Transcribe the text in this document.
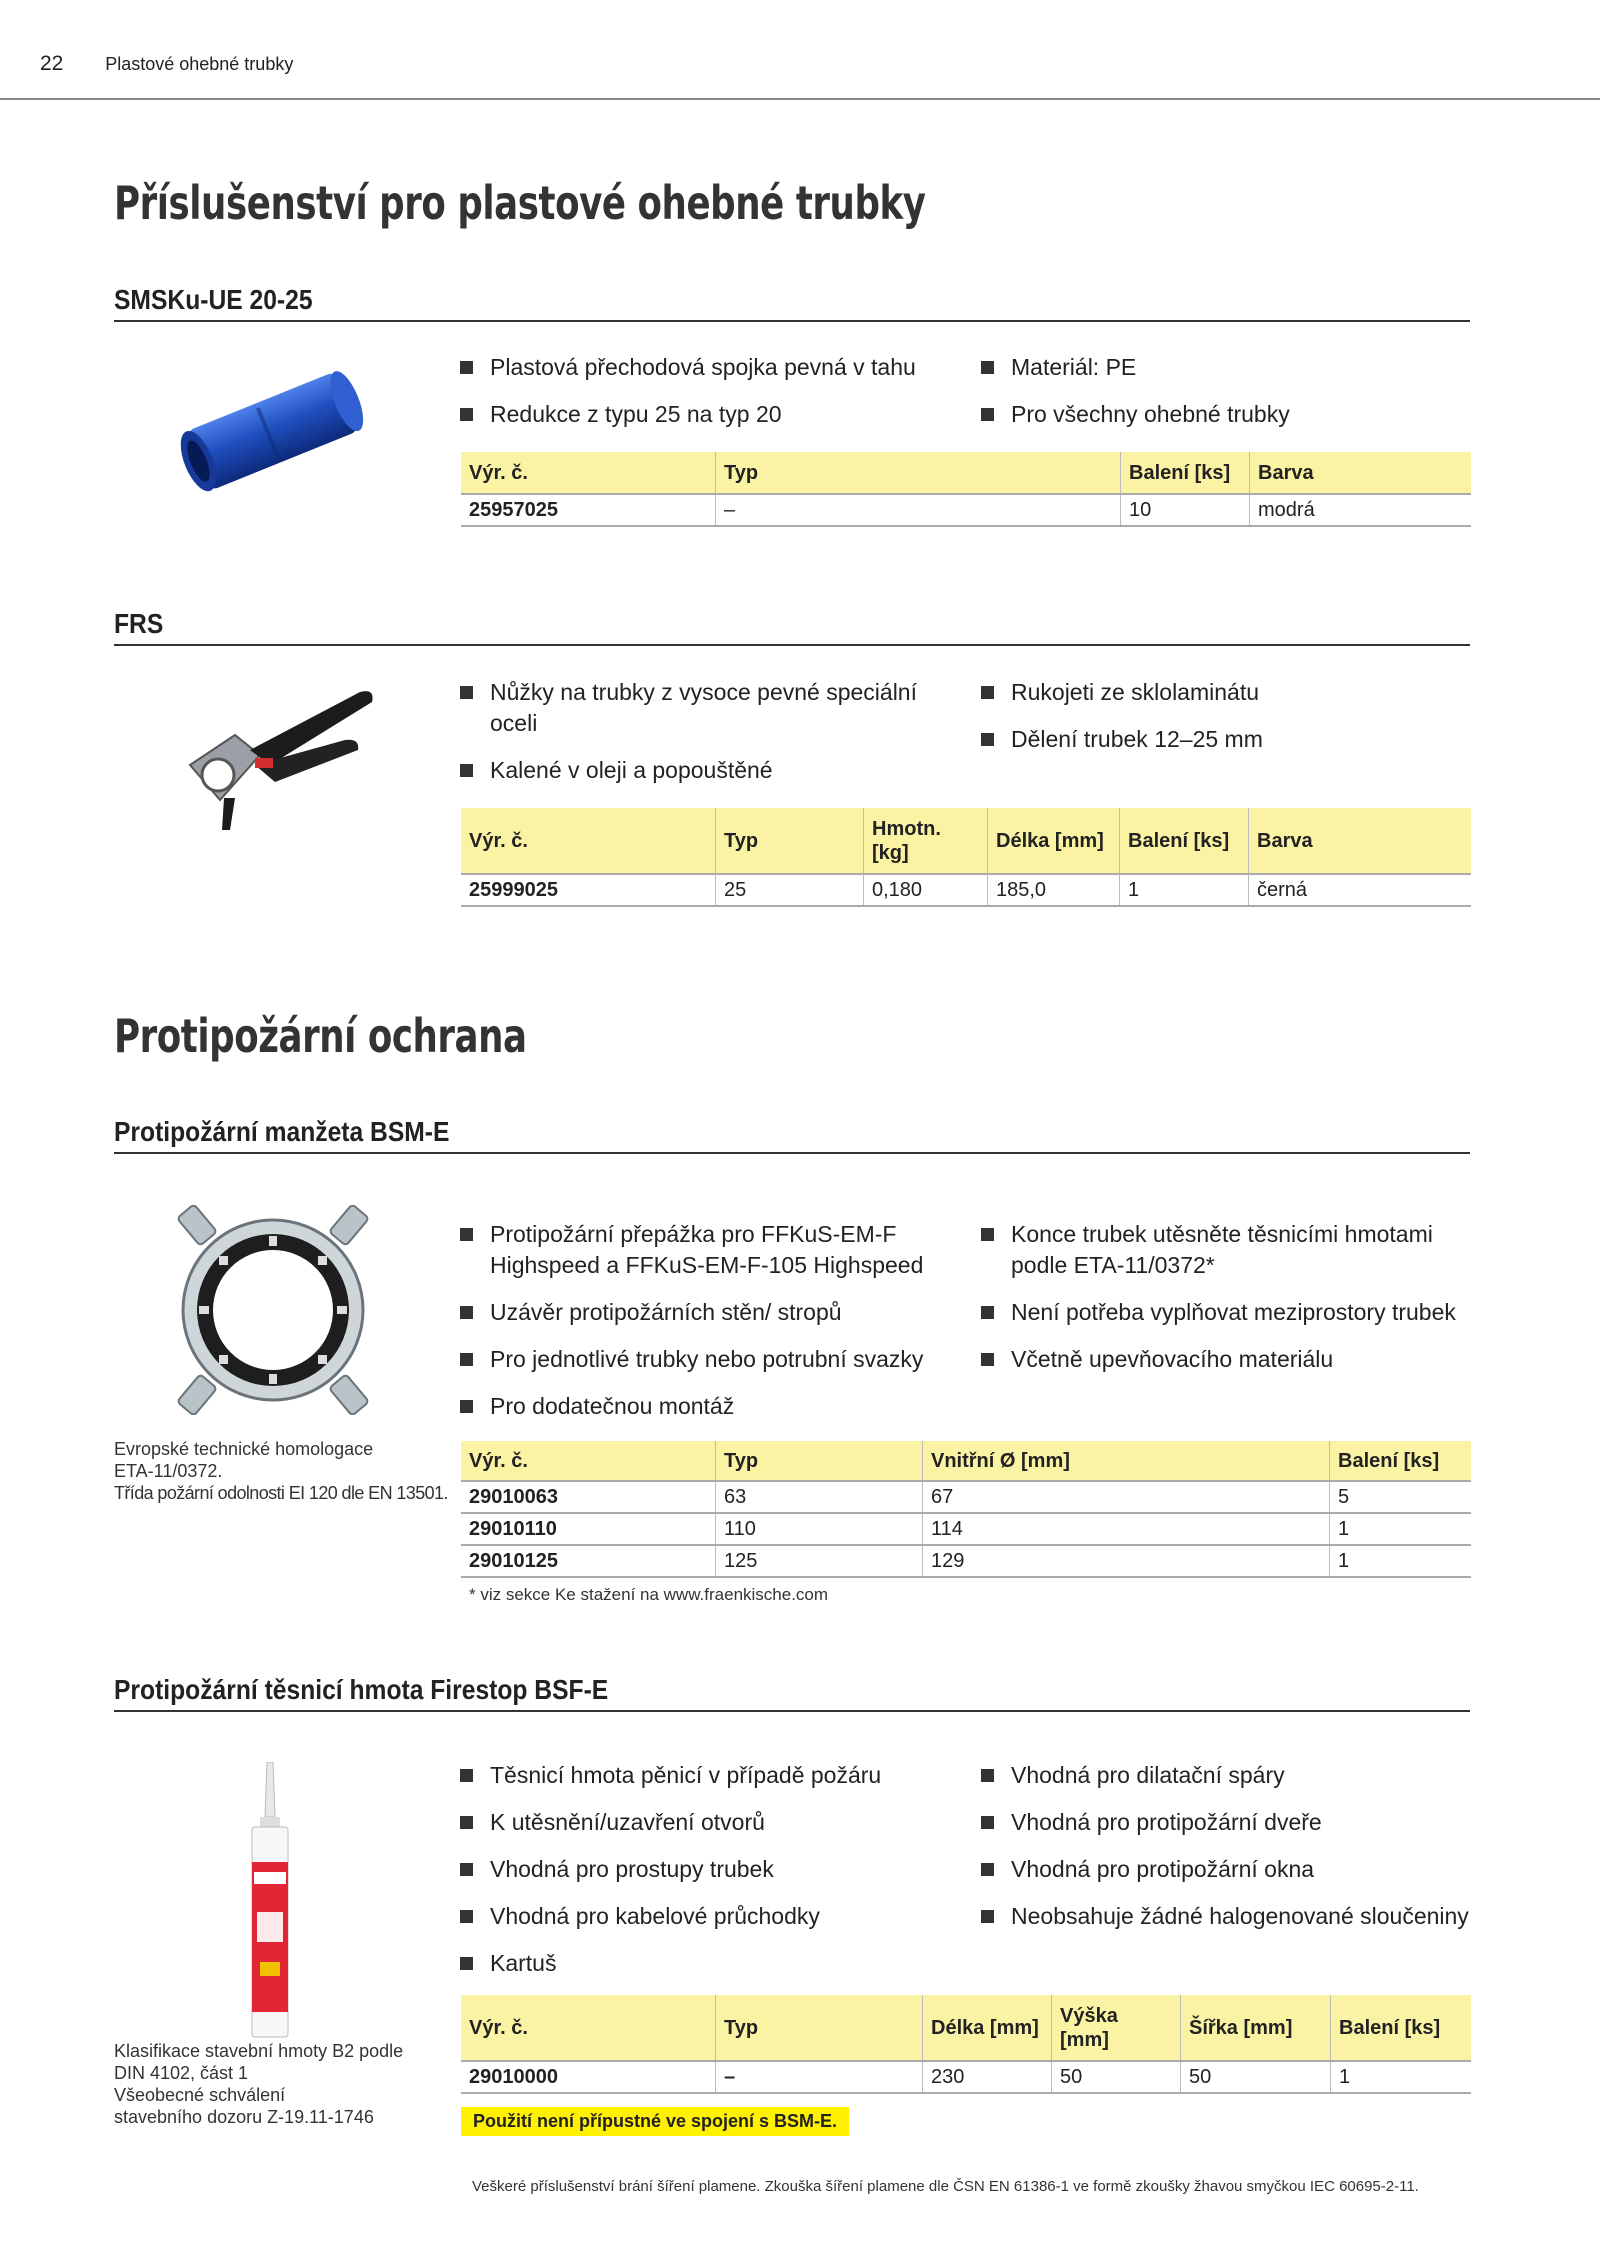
22 Plastové ohebné trubky
Příslušenství pro plastové ohebné trubky
SMSKu-UE 20-25
Plastová přechodová spojka pevná v tahu
Redukce z typu 25 na typ 20
Materiál: PE
Pro všechny ohebné trubky
Výr. č.	Typ	Balení [ks]	Barva
25957025	–	10	modrá
FRS
Nůžky na trubky z vysoce pevné speciální oceli
Kalené v oleji a popouštěné
Rukojeti ze sklolaminátu
Dělení trubek 12–25 mm
Výr. č.	Typ	Hmotn. [kg]	Délka [mm]	Balení [ks]	Barva
25999025	25	0,180	185,0	1	černá
Protipožární ochrana
Protipožární manžeta BSM-E
Protipožární přepážka pro FFKuS-EM-F Highspeed a FFKuS-EM-F-105 Highspeed
Uzávěr protipožárních stěn/ stropů
Pro jednotlivé trubky nebo potrubní svazky
Pro dodatečnou montáž
Konce trubek utěsněte těsnicími hmotami podle ETA-11/0372*
Není potřeba vyplňovat meziprostory trubek
Včetně upevňovacího materiálu
Evropské technické homologace
ETA-11/0372.
Třída požární odolnosti EI 120 dle EN 13501.
Výr. č.	Typ	Vnitřní Ø [mm]	Balení [ks]
29010063	63	67	5
29010110	110	114	1
29010125	125	129	1
* viz sekce Ke stažení na www.fraenkische.com
Protipožární těsnicí hmota Firestop BSF-E
Těsnicí hmota pěnicí v případě požáru
K utěsnění/uzavření otvorů
Vhodná pro prostupy trubek
Vhodná pro kabelové průchodky
Kartuš
Vhodná pro dilatační spáry
Vhodná pro protipožární dveře
Vhodná pro protipožární okna
Neobsahuje žádné halogenované sloučeniny
Klasifikace stavební hmoty B2 podle
DIN 4102, část 1
Všeobecné schválení
stavebního dozoru Z-19.11-1746
Výr. č.	Typ	Délka [mm]	Výška [mm]	Šířka [mm]	Balení [ks]
29010000	–	230	50	50	1
Použití není přípustné ve spojení s BSM-E.
Veškeré příslušenství brání šíření plamene. Zkouška šíření plamene dle ČSN EN 61386-1 ve formě zkoušky žhavou smyčkou IEC 60695-2-11.
